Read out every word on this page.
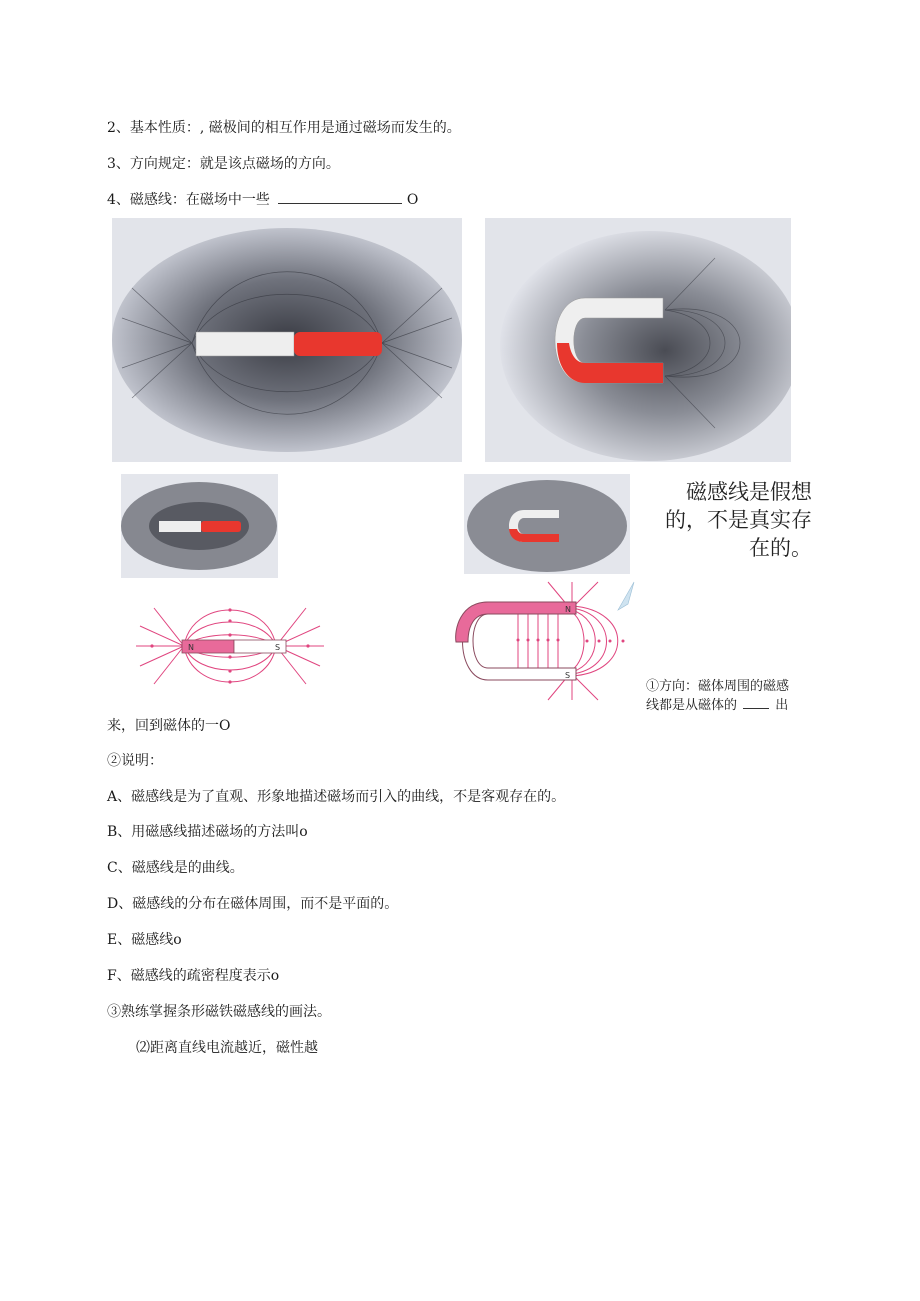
2、基本性质：, 磁极间的相互作用是通过磁场而发生的。
3、方向规定：就是该点磁场的方向。
4、磁感线：在磁场中一些	O
磁感线是假想
的，不是真实存
在的。
N	S
N
S
①方向：磁体周围的磁感
线都是从磁体的	出
来，回到磁体的一O
②说明：
A、磁感线是为了直观、形象地描述磁场而引入的曲线，不是客观存在的。
B、用磁感线描述磁场的方法叫o
C、磁感线是的曲线。
D、磁感线的分布在磁体周围，而不是平面的。
E、磁感线o
F、磁感线的疏密程度表示o
③熟练掌握条形磁铁磁感线的画法。
⑵距离直线电流越近，磁性越
